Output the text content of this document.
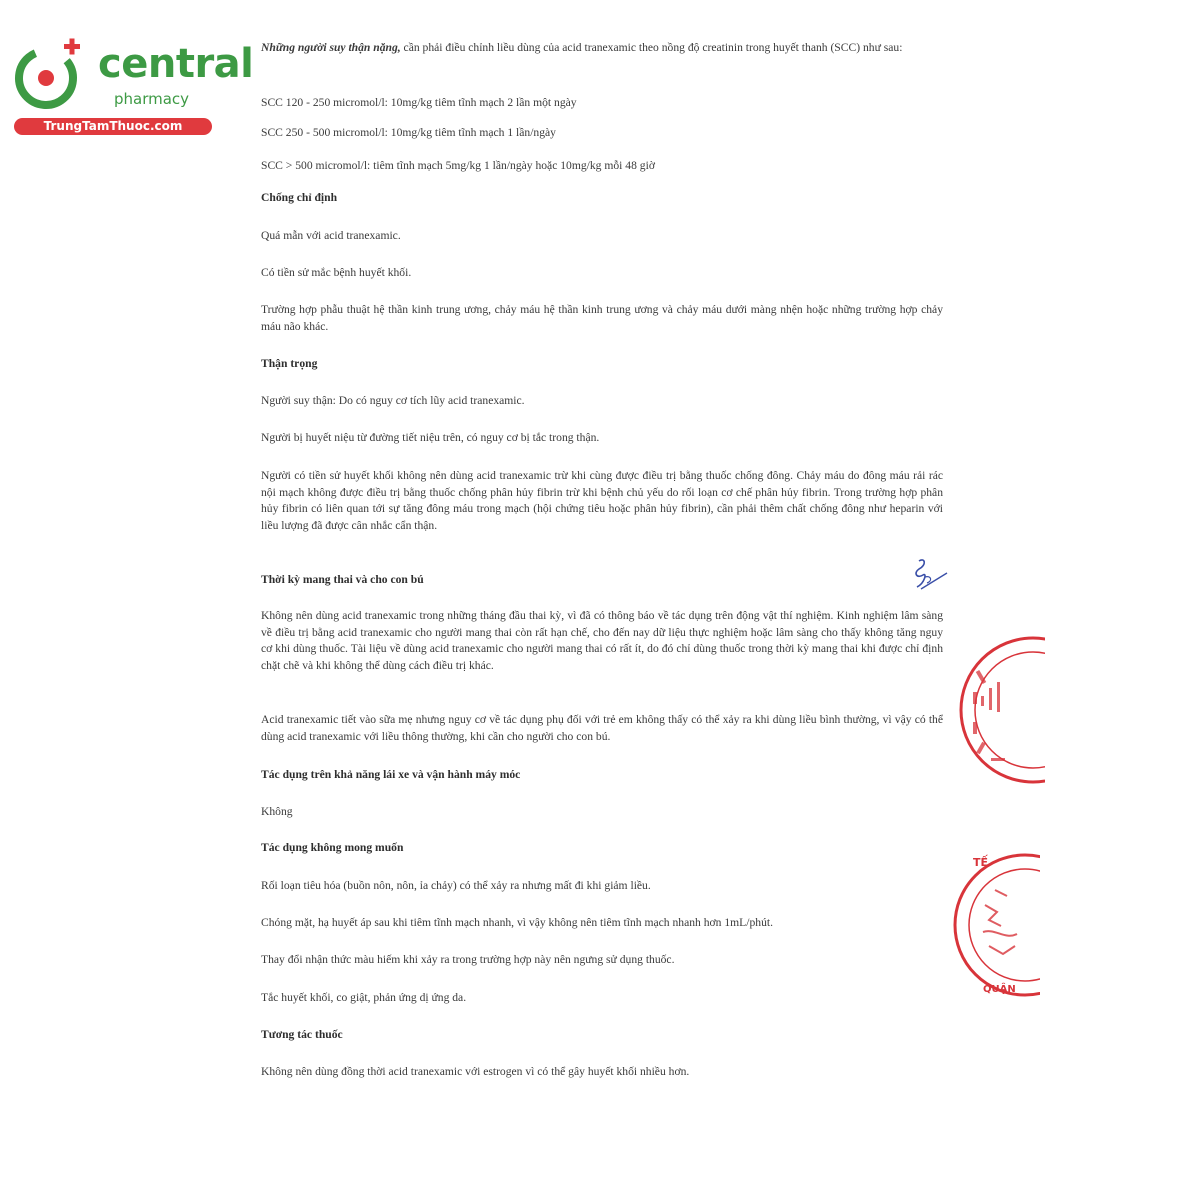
central
pharmacy
TrungTamThuoc.com

Những người suy thận nặng, cần phải điều chỉnh liều dùng của acid tranexamic theo nồng độ creatinin trong huyết thanh (SCC) như sau:

SCC 120 - 250 micromol/l: 10mg/kg tiêm tĩnh mạch 2 lần một ngày

SCC 250 - 500 micromol/l: 10mg/kg tiêm tĩnh mạch 1 lần/ngày

SCC > 500 micromol/l: tiêm tĩnh mạch 5mg/kg 1 lần/ngày hoặc 10mg/kg mỗi 48 giờ

Chống chỉ định

Quá mẫn với acid tranexamic.

Có tiền sử mắc bệnh huyết khối.

Trường hợp phẫu thuật hệ thần kinh trung ương, chảy máu hệ thần kinh trung ương và chảy máu dưới màng nhện hoặc những trường hợp chảy máu não khác.

Thận trọng

Người suy thận: Do có nguy cơ tích lũy acid tranexamic.

Người bị huyết niệu từ đường tiết niệu trên, có nguy cơ bị tắc trong thận.

Người có tiền sử huyết khối không nên dùng acid tranexamic trừ khi cùng được điều trị bằng thuốc chống đông. Chảy máu do đông máu rải rác nội mạch không được điều trị bằng thuốc chống phân hủy fibrin trừ khi bệnh chủ yếu do rối loạn cơ chế phân hủy fibrin. Trong trường hợp phân hủy fibrin có liên quan tới sự tăng đông máu trong mạch (hội chứng tiêu hoặc phân hủy fibrin), cần phải thêm chất chống đông như heparin với liều lượng đã được cân nhắc cẩn thận.

Thời kỳ mang thai và cho con bú

Không nên dùng acid tranexamic trong những tháng đầu thai kỳ, vì đã có thông báo về tác dụng trên động vật thí nghiệm. Kinh nghiệm lâm sàng về điều trị bằng acid tranexamic cho người mang thai còn rất hạn chế, cho đến nay dữ liệu thực nghiệm hoặc lâm sàng cho thấy không tăng nguy cơ khi dùng thuốc. Tài liệu về dùng acid tranexamic cho người mang thai có rất ít, do đó chỉ dùng thuốc trong thời kỳ mang thai khi được chỉ định chặt chẽ và khi không thể dùng cách điều trị khác.

Acid tranexamic tiết vào sữa mẹ nhưng nguy cơ về tác dụng phụ đối với trẻ em không thấy có thể xảy ra khi dùng liều bình thường, vì vậy có thể dùng acid tranexamic với liều thông thường, khi cần cho người cho con bú.

Tác dụng trên khả năng lái xe và vận hành máy móc

Không

Tác dụng không mong muốn

Rối loạn tiêu hóa (buồn nôn, nôn, ỉa chảy) có thể xảy ra nhưng mất đi khi giảm liều.

Chóng mặt, hạ huyết áp sau khi tiêm tĩnh mạch nhanh, vì vậy không nên tiêm tĩnh mạch nhanh hơn 1mL/phút.

Thay đổi nhận thức màu hiếm khi xảy ra trong trường hợp này nên ngưng sử dụng thuốc.

Tắc huyết khối, co giật, phản ứng dị ứng da.

Tương tác thuốc

Không nên dùng đồng thời acid tranexamic với estrogen vì có thể gây huyết khối nhiều hơn.

TẾ
QUẬN
